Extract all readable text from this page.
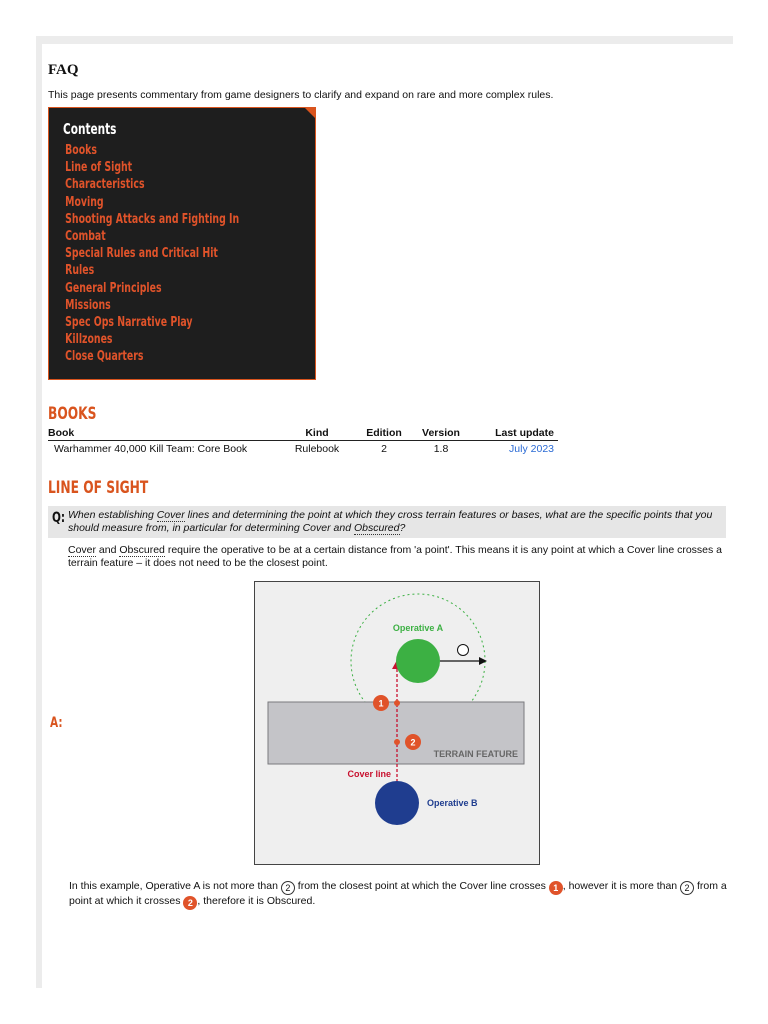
FAQ

This page presents commentary from game designers to clarify and expand on rare and more complex rules.

Contents
Books
Line of Sight
Characteristics
Moving
Shooting Attacks and Fighting In
Combat
Special Rules and Critical Hit
Rules
General Principles
Missions
Spec Ops Narrative Play
Killzones
Close Quarters
BOOKS
Book	Kind	Edition	Version	Last update
Warhammer 40,000 Kill Team: Core Book	Rulebook	2	1.8	July 2023
LINE OF SIGHT
Q: When establishing Cover lines and determining the point at which they cross terrain features or bases, what are the specific points that you should measure from, in particular for determining Cover and Obscured?

Cover and Obscured require the operative to be at a certain distance from 'a point'. This means it is any point at which a Cover line crosses a terrain feature – it does not need to be the closest point.

A:
TERRAIN FEATURE
Cover line
Operative A
1
2
Operative B

In this example, Operative A is not more than 2 from the closest point at which the Cover line crosses 1 , however it is more than 2 from a point at which it crosses 2 , therefore it is Obscured.
